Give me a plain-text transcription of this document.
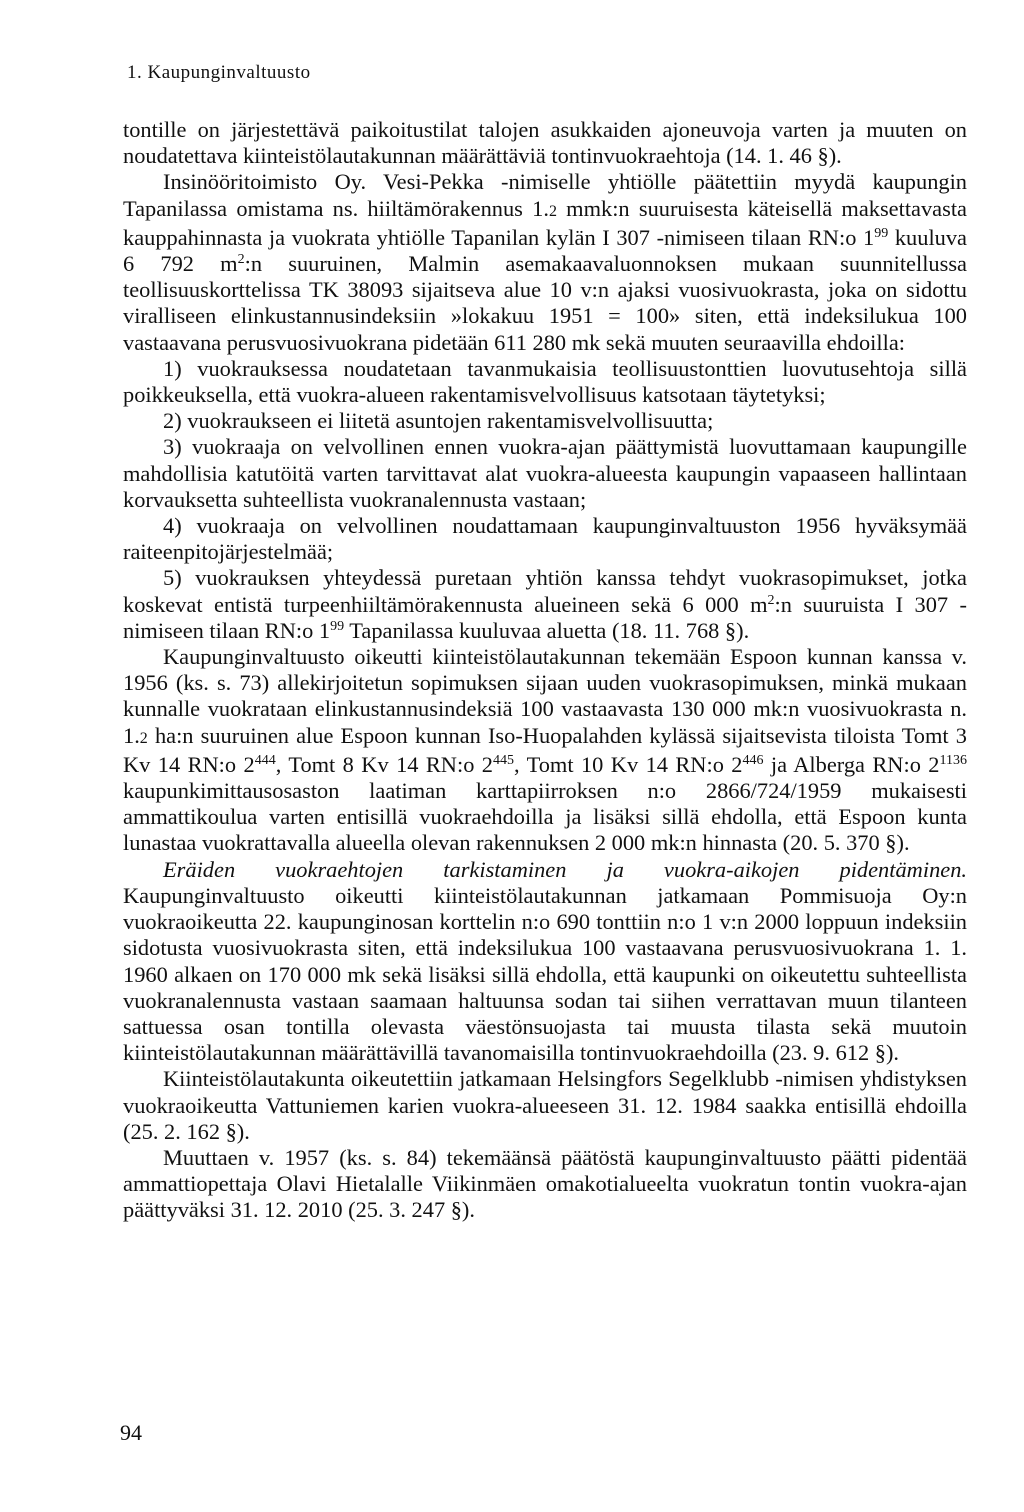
1. Kaupunginvaltuusto

tontille on järjestettävä paikoitustilat talojen asukkaiden ajoneuvoja varten ja muuten on noudatettava kiinteistölautakunnan määrättäviä tontinvuokraehtoja (14. 1. 46 §).

Insinööritoimisto Oy. Vesi-Pekka -nimiselle yhtiölle päätettiin myydä kaupungin Tapanilassa omistama ns. hiiltämörakennus 1.2 mmk:n suuruisesta käteisellä maksettavasta kauppahinnasta ja vuokrata yhtiölle Tapanilan kylän I 307 -nimiseen tilaan RN:o $1^{99}$ kuuluva 6 792 $m^2:n$ suuruinen, Malmin asemakaavaluonnoksen mukaan suunnitellussa teollisuuskorttelissa TK 38093 sijaitseva alue 10 v:n ajaksi vuosivuokrasta, joka on sidottu viralliseen elinkustannusindeksiin »lokakuu 1951 = 100» siten, että indeksilukua 100 vastaavana perusvuosivuokrana pidetään 611 280 mk sekä muuten seuraavilla ehdoilla:

1) vuokrauksessa noudatetaan tavanmukaisia teollisuustonttien luovutusehtoja sillä poikkeuksella, että vuokra-alueen rakentamisvelvollisuus katsotaan täytetyksi;

2) vuokraukseen ei liitetä asuntojen rakentamisvelvollisuutta;

3) vuokraaja on velvollinen ennen vuokra-ajan päättymistä luovuttamaan kaupungille mahdollisia katutöitä varten tarvittavat alat vuokra-alueesta kaupungin vapaaseen hallintaan korvauksetta suhteellista vuokranalennusta vastaan;

4) vuokraaja on velvollinen noudattamaan kaupunginvaltuuston 1956 hyväksymää raiteenpitojärjestelmää;

5) vuokrauksen yhteydessä puretaan yhtiön kanssa tehdyt vuokrasopimukset, jotka koskevat entistä turpeenhiiltämörakennusta alueineen sekä 6 000 $m^2:n$ suuruista I 307 -nimiseen tilaan RN:o $1^{99}$ Tapanilassa kuuluvaa aluetta (18. 11. 768 §).

Kaupunginvaltuusto oikeutti kiinteistölautakunnan tekemään Espoon kunnan kanssa v. 1956 (ks. s. 73) allekirjoitetun sopimuksen sijaan uuden vuokrasopimuksen, minkä mukaan kunnalle vuokrataan elinkustannusindeksiä 100 vastaavasta 130 000 mk:n vuosivuokrasta n. 1.2 ha:n suuruinen alue Espoon kunnan Iso-Huopalahden kylässä sijaitsevista tiloista Tomt 3 Kv 14 RN:o $2^{444}$, Tomt 8 Kv 14 RN:o $2^{445}$, Tomt 10 Kv 14 RN:o $2^{446}$ ja Alberga RN:o $2^{1136}$ kaupunkimittausosaston laatiman karttapiirroksen n:o 2866/724/1959 mukaisesti ammattikoulua varten entisillä vuokraehdoilla ja lisäksi sillä ehdolla, että Espoon kunta lunastaa vuokrattavalla alueella olevan rakennuksen 2 000 mk:n hinnasta (20. 5. 370 §).

Eräiden vuokraehtojen tarkistaminen ja vuokra-aikojen pidentäminen. Kaupunginvaltuusto oikeutti kiinteistölautakunnan jatkamaan Pommisuoja Oy:n vuokraoikeutta 22. kaupunginosan korttelin n:o 690 tonttiin n:o 1 v:n 2000 loppuun indeksiin sidotusta vuosivuokrasta siten, että indeksilukua 100 vastaavana perusvuosivuokrana 1. 1. 1960 alkaen on 170 000 mk sekä lisäksi sillä ehdolla, että kaupunki on oikeutettu suhteellista vuokranalennusta vastaan saamaan haltuunsa sodan tai siihen verrattavan muun tilanteen sattuessa osan tontilla olevasta väestönsuojasta tai muusta tilasta sekä muutoin kiinteistölautakunnan määrättävillä tavanomaisilla tontinvuokraehdoilla (23. 9. 612 §).

Kiinteistölautakunta oikeutettiin jatkamaan Helsingfors Segelklubb -nimisen yhdistyksen vuokraoikeutta Vattuniemen karien vuokra-alueeseen 31. 12. 1984 saakka entisillä ehdoilla (25. 2. 162 §).

Muuttaen v. 1957 (ks. s. 84) tekemäänsä päätöstä kaupunginvaltuusto päätti pidentää ammattiopettaja Olavi Hietalalle Viikinmäen omakotialueelta vuokratun tontin vuokra-ajan päättyväksi 31. 12. 2010 (25. 3. 247 §).

94
